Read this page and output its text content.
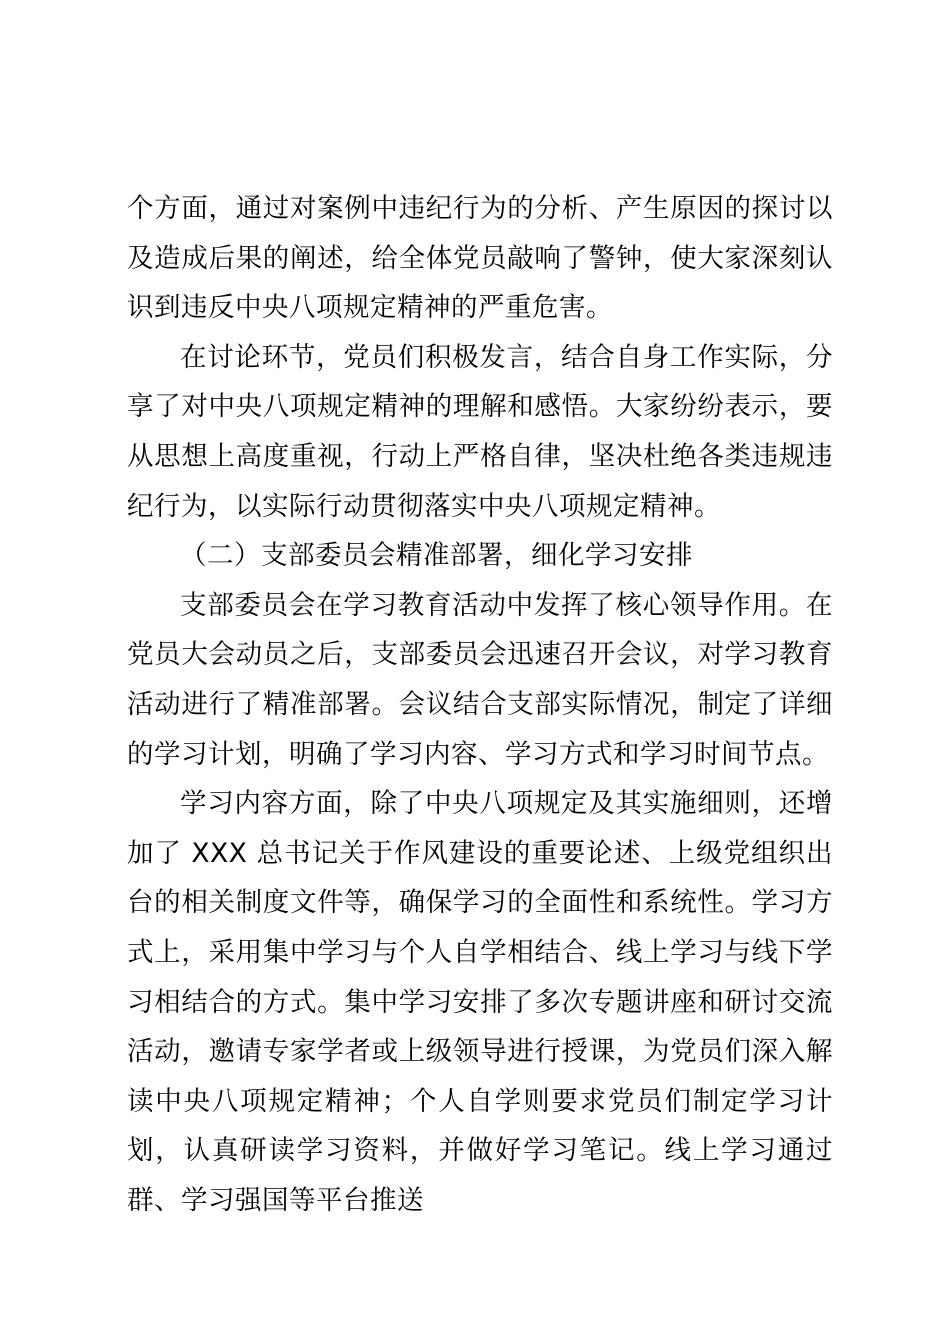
个方面，通过对案例中违纪行为的分析、产生原因的探讨以及造成后果的阐述，给全体党员敲响了警钟，使大家深刻认识到违反中央八项规定精神的严重危害。

在讨论环节，党员们积极发言，结合自身工作实际，分享了对中央八项规定精神的理解和感悟。大家纷纷表示，要从思想上高度重视，行动上严格自律，坚决杜绝各类违规违纪行为，以实际行动贯彻落实中央八项规定精神。

（二）支部委员会精准部署，细化学习安排

支部委员会在学习教育活动中发挥了核心领导作用。在党员大会动员之后，支部委员会迅速召开会议，对学习教育活动进行了精准部署。会议结合支部实际情况，制定了详细的学习计划，明确了学习内容、学习方式和学习时间节点。

学习内容方面，除了中央八项规定及其实施细则，还增加了 XXX 总书记关于作风建设的重要论述、上级党组织出台的相关制度文件等，确保学习的全面性和系统性。学习方式上，采用集中学习与个人自学相结合、线上学习与线下学习相结合的方式。集中学习安排了多次专题讲座和研讨交流活动，邀请专家学者或上级领导进行授课，为党员们深入解读中央八项规定精神；个人自学则要求党员们制定学习计划，认真研读学习资料，并做好学习笔记。线上学习通过群、学习强国等平台推送
